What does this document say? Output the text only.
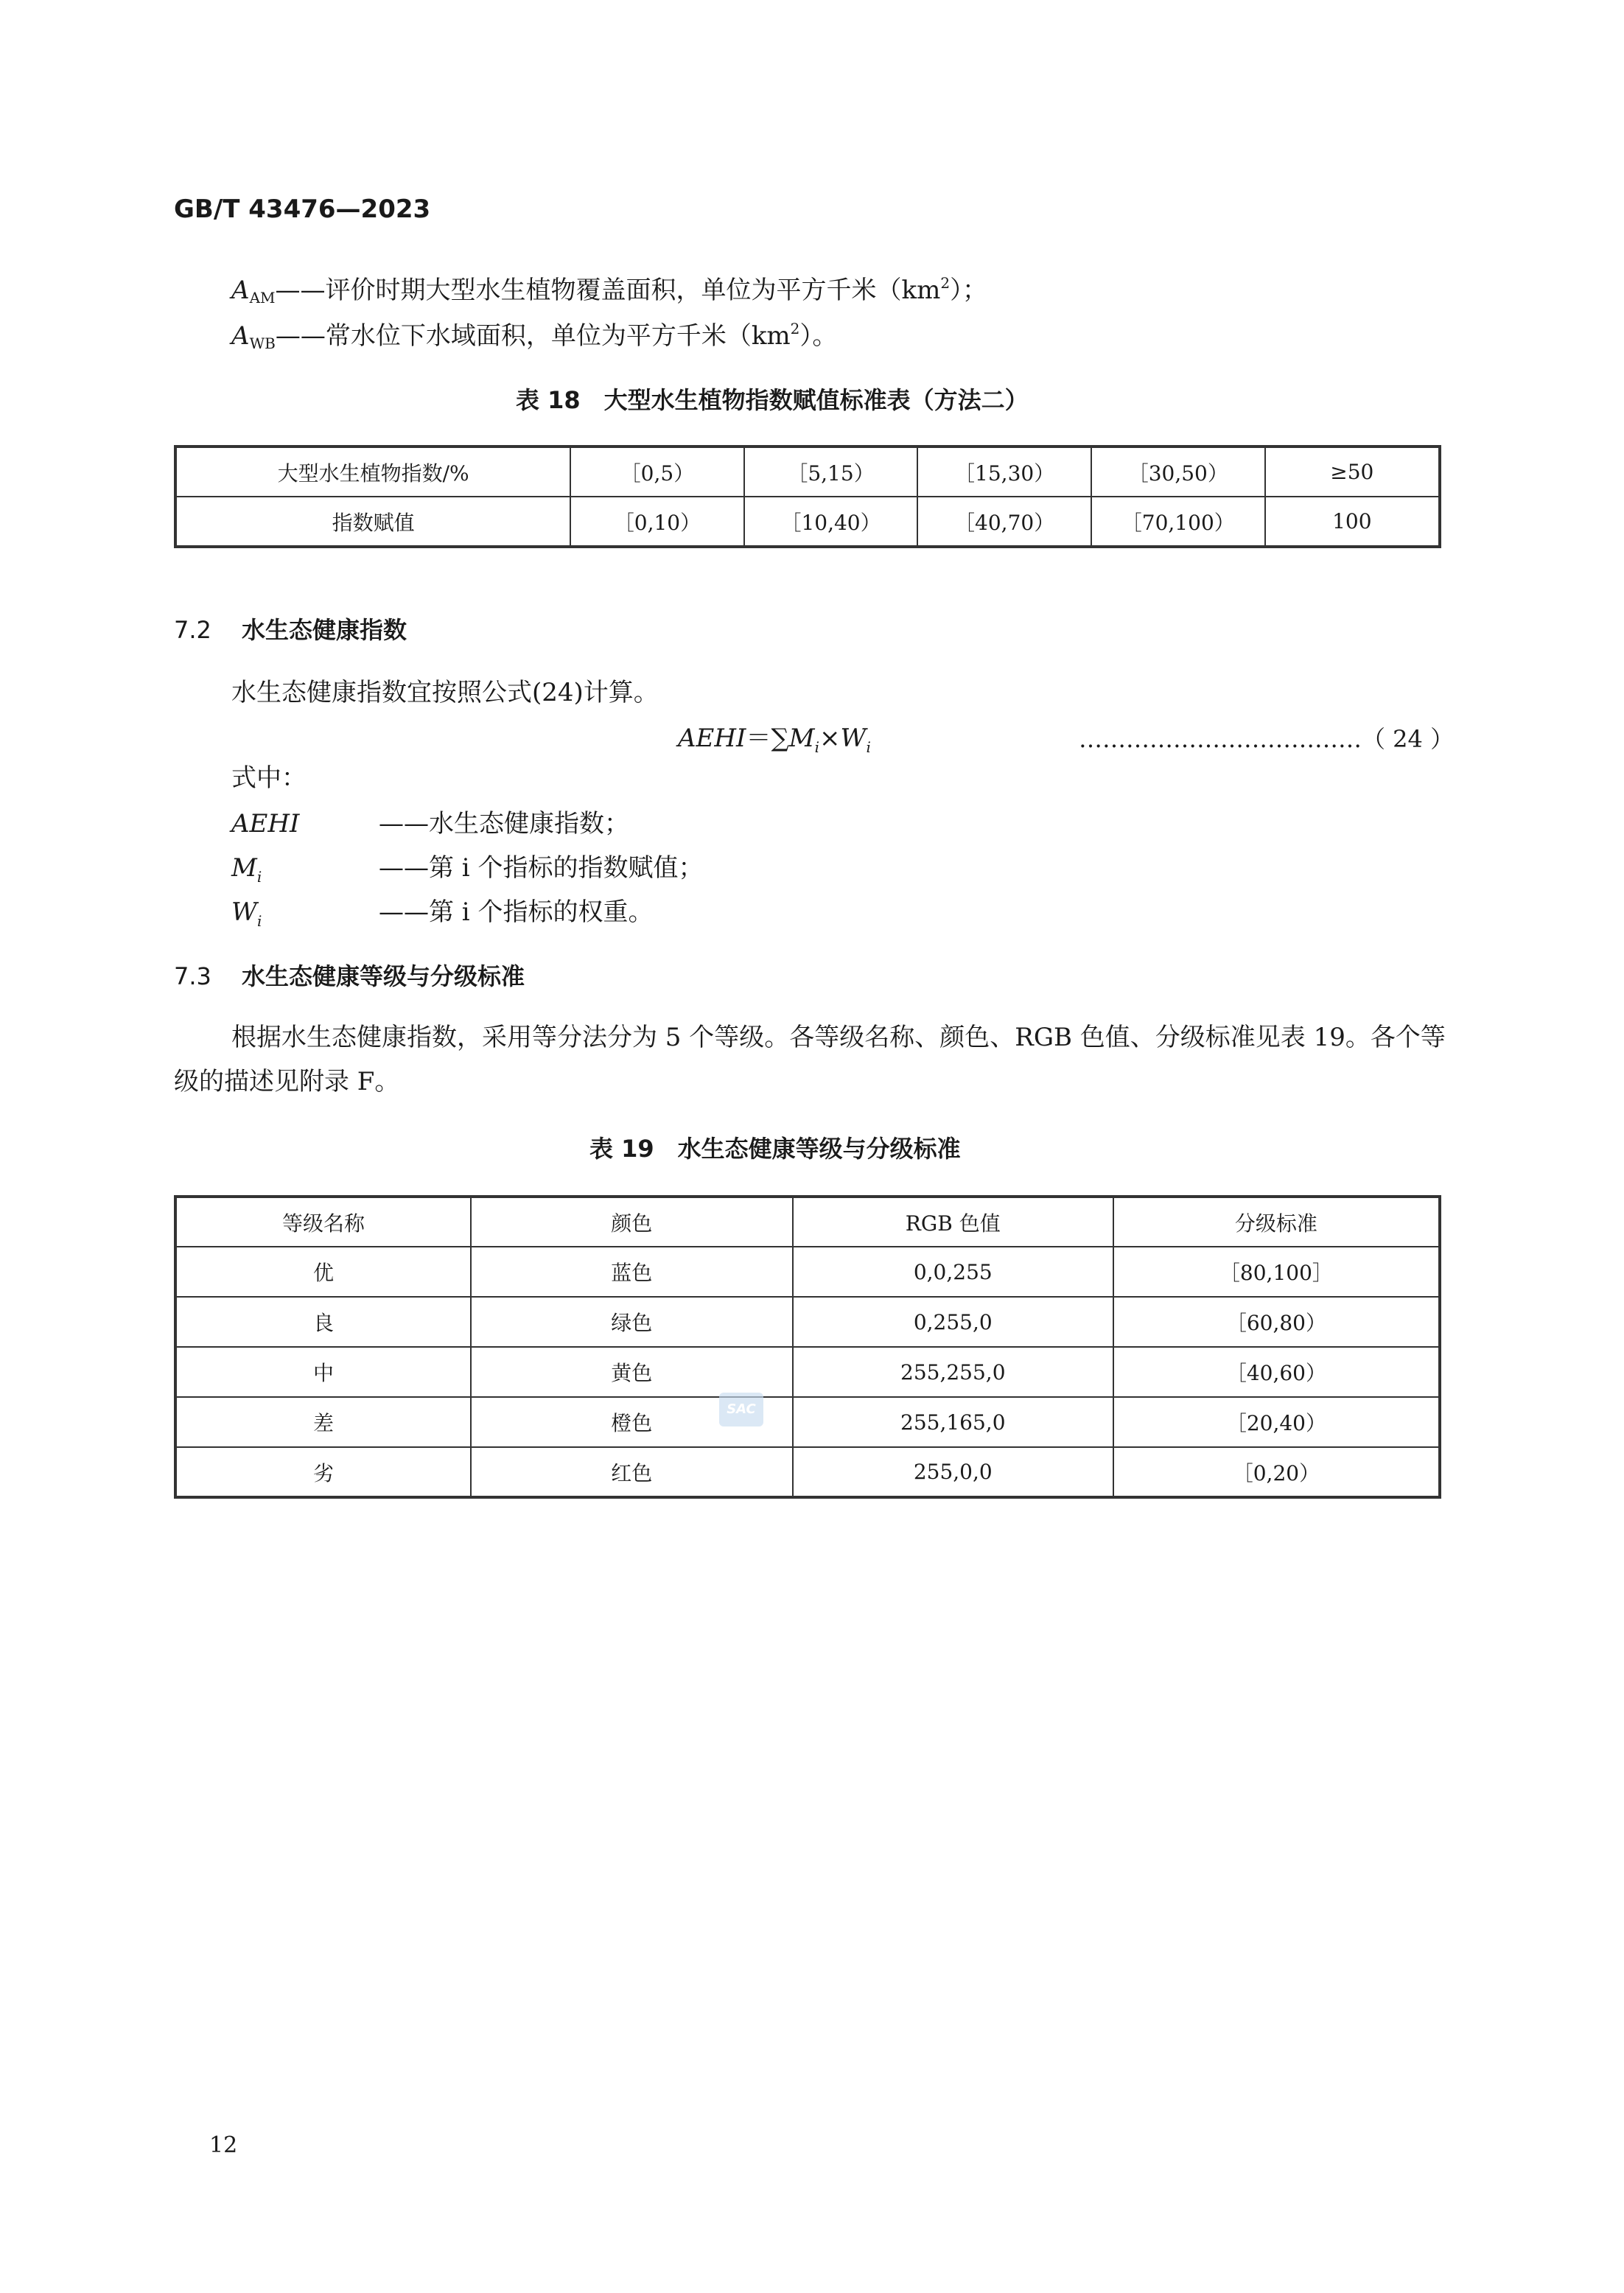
GB/T 43476—2023
AAM——评价时期大型水生植物覆盖面积，单位为平方千米$(km^2)$；
AWB——常水位下水域面积，单位为平方千米$(km^2)$。
表 18　大型水生植物指数赋值标准表（方法二）
大型水生植物指数/%	［0,5）	［5,15）	［15,30）	［30,50）	≥50
指数赋值	［0,10）	［10,40）	［40,70）	［70,100）	100
7.2 水生态健康指数
水生态健康指数宜按照公式(24)计算。
$AEHI=\sum M_i\times W_i$	………………………………（ 24 ）
式中：
AEHI	——水生态健康指数；
$M_i$	——第 i 个指标的指数赋值；
$W_i$	——第 i 个指标的权重。
7.3 水生态健康等级与分级标准
根据水生态健康指数，采用等分法分为 5 个等级。各等级名称、颜色、RGB 色值、分级标准见表 19。各个等级的描述见附录 F。
表 19　水生态健康等级与分级标准
等级名称	颜色	RGB 色值	分级标准
优	蓝色	0,0,255	［80,100］
良	绿色	0,255,0	［60,80）
中	黄色	255,255,0	［40,60）
差	橙色	255,165,0	［20,40）
劣	红色	255,0,0	［0,20）
SAC
12
